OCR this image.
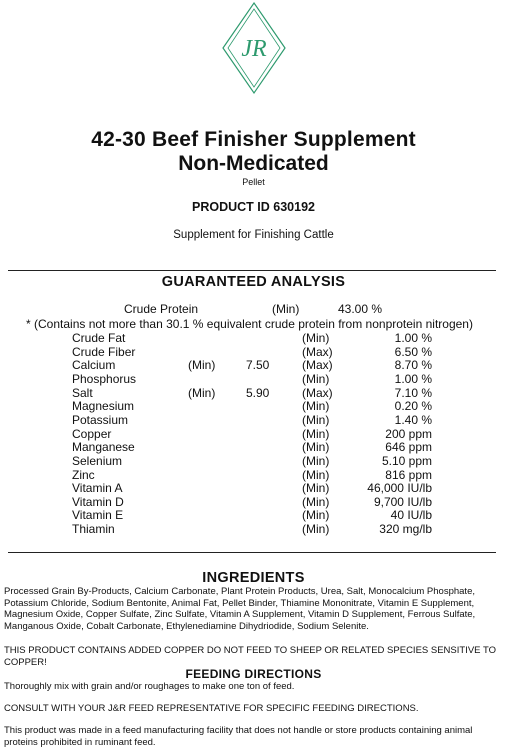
JR
42-30 Beef Finisher Supplement
Non-Medicated
Pellet
PRODUCT ID 630192
Supplement for Finishing Cattle
GUARANTEED ANALYSIS
Crude Protein	(Min)	43.00 %
* (Contains not more than 30.1 % equivalent crude protein from nonprotein nitrogen)
Crude Fat	(Min)	1.00 %
Crude Fiber	(Max)	6.50 %
Calcium	(Min)	7.50	(Max)	8.70 %
Phosphorus	(Min)	1.00 %
Salt	(Min)	5.90	(Max)	7.10 %
Magnesium	(Min)	0.20 %
Potassium	(Min)	1.40 %
Copper	(Min)	200 ppm
Manganese	(Min)	646 ppm
Selenium	(Min)	5.10 ppm
Zinc	(Min)	816 ppm
Vitamin A	(Min)	46,000 IU/lb
Vitamin D	(Min)	9,700 IU/lb
Vitamin E	(Min)	40 IU/lb
Thiamin	(Min)	320 mg/lb
INGREDIENTS
Processed Grain By-Products, Calcium Carbonate, Plant Protein Products, Urea, Salt, Monocalcium Phosphate, Potassium Chloride, Sodium Bentonite, Animal Fat, Pellet Binder, Thiamine Mononitrate, Vitamin E Supplement, Magnesium Oxide, Copper Sulfate, Zinc Sulfate, Vitamin A Supplement, Vitamin D Supplement, Ferrous Sulfate, Manganous Oxide, Cobalt Carbonate, Ethylenediamine Dihydriodide, Sodium Selenite.
THIS PRODUCT CONTAINS ADDED COPPER DO NOT FEED TO SHEEP OR RELATED SPECIES SENSITIVE TO COPPER!
FEEDING DIRECTIONS
Thoroughly mix with grain and/or roughages to make one ton of feed.
CONSULT WITH YOUR J&R FEED REPRESENTATIVE FOR SPECIFIC FEEDING DIRECTIONS.
This product was made in a feed manufacturing facility that does not handle or store products containing animal proteins prohibited in ruminant feed.
